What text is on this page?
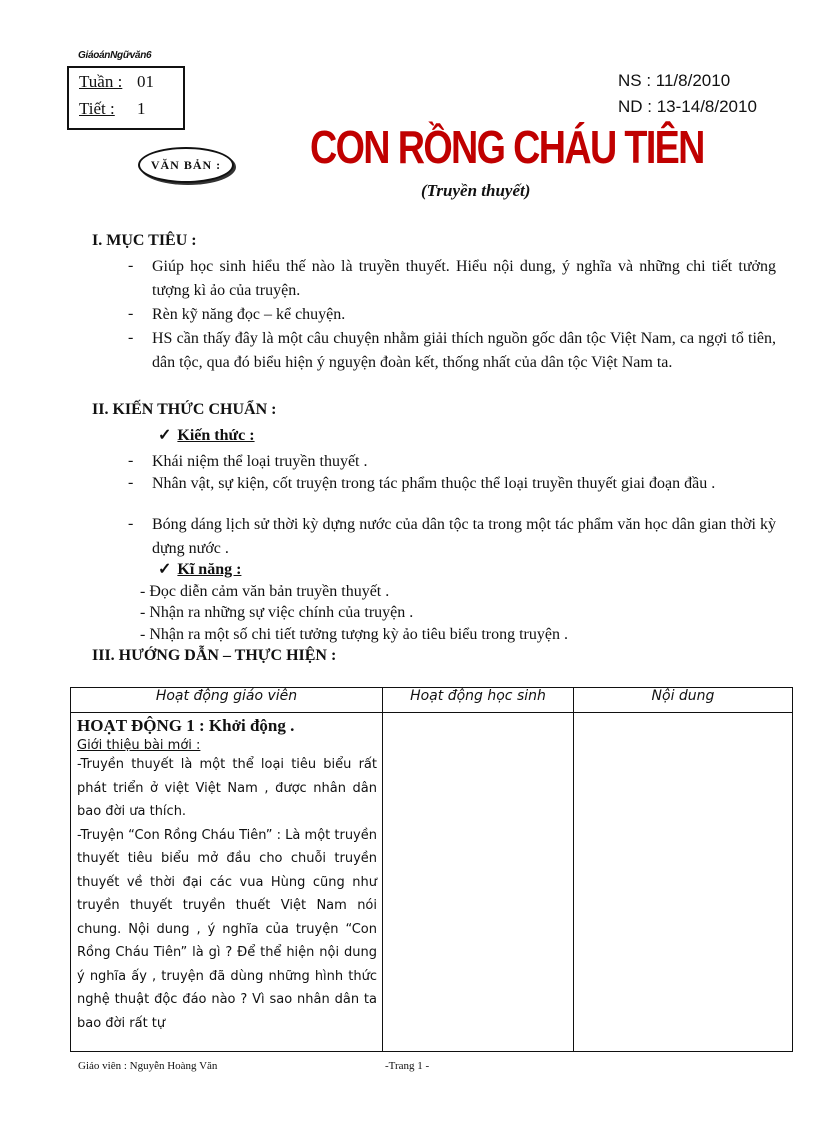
GiáoánNgữvăn6
Tuần : 01
Tiết : 1
NS : 11/8/2010
ND : 13-14/8/2010
VĂN BẢN : CON RỒNG CHÁU TIÊN
(Truyền thuyết)
I. MỤC TIÊU :
- Giúp học sinh hiểu thế nào là truyền thuyết. Hiểu nội dung, ý nghĩa và những chi tiết tưởng tượng kì ảo của truyện.
- Rèn kỹ năng đọc – kể chuyện.
- HS cần thấy đây là một câu chuyện nhằm giải thích nguồn gốc dân tộc Việt Nam, ca ngợi tổ tiên, dân tộc, qua đó biểu hiện ý nguyện đoàn kết, thống nhất của dân tộc Việt Nam ta.
II. KIẾN THỨC CHUẨN :
✓ Kiến thức :
- Khái niệm thể loại truyền thuyết .
- Nhân vật, sự kiện, cốt truyện trong tác phẩm thuộc thể loại truyền thuyết giai đoạn đầu .
- Bóng dáng lịch sử thời kỳ dựng nước của dân tộc ta trong một tác phẩm văn học dân gian thời kỳ dựng nước .
✓ Kĩ năng :
- Đọc diễn cảm văn bản truyền thuyết .
- Nhận ra những sự việc chính của truyện .
- Nhận ra một số chi tiết tưởng tượng kỳ ảo tiêu biểu trong truyện .
III. HƯỚNG DẪN – THỰC HIỆN :
Hoạt động giáo viên	Hoạt động học sinh	Nội dung

HOẠT ĐỘNG 1 : Khởi động .
Giới thiệu bài mới :

-Truyền thuyết là một thể loại tiêu biểu rất phát triển ở việt Việt Nam , được nhân dân bao đời ưa thích.

-Truyện “Con Rồng Cháu Tiên” : Là một truyền thuyết tiêu biểu mở đầu cho chuỗi truyền thuyết về thời đại các vua Hùng cũng như truyền thuyết truyền thuết Việt Nam nói chung. Nội dung , ý nghĩa của truyện “Con Rồng Cháu Tiên” là gì ? Để thể hiện nội dung ý nghĩa ấy , truyện đã dùng những hình thức nghệ thuật độc đáo nào ? Vì sao nhân dân ta bao đời rất tự		

Giáo viên : Nguyễn Hoàng Văn	-Trang 1 -
